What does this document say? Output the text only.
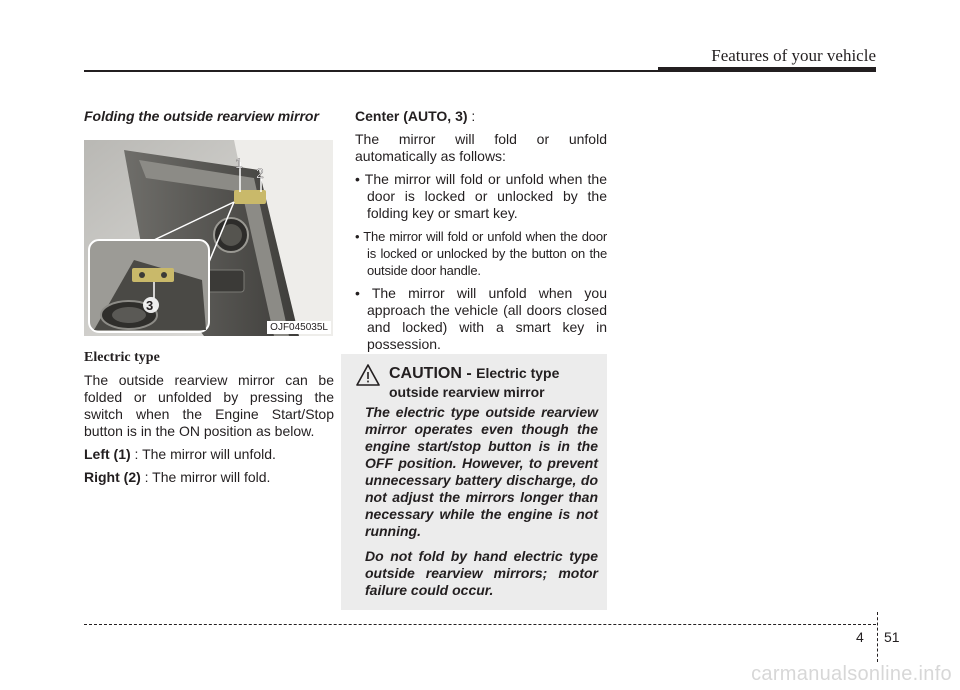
Features of your vehicle
Folding the outside rearview mirror
1
2
3
OJF045035L
Electric type

The outside rearview mirror can be folded or unfolded by pressing the switch when the Engine Start/Stop button is in the ON position as below.

Left (1) : The mirror will unfold.

Right (2) : The mirror will fold.

Center (AUTO, 3) :

The mirror will fold or unfold automatically as follows:

• The mirror will fold or unfold when the door is locked or unlocked by the folding key or smart key.

• The mirror will fold or unfold when the door is locked or unlocked by the button on the outside door handle.

• The mirror will unfold when you approach the vehicle (all doors closed and locked) with a smart key in possession.

CAUTION - Electric type
outside rearview mirror

The electric type outside rearview mirror operates even though the engine start/stop button is in the OFF position. However, to prevent unnecessary battery discharge, do not adjust the mirrors longer than necessary while the engine is not running.

Do not fold by hand electric type outside rearview mirrors; motor failure could occur.

4 51
carmanualsonline.info
